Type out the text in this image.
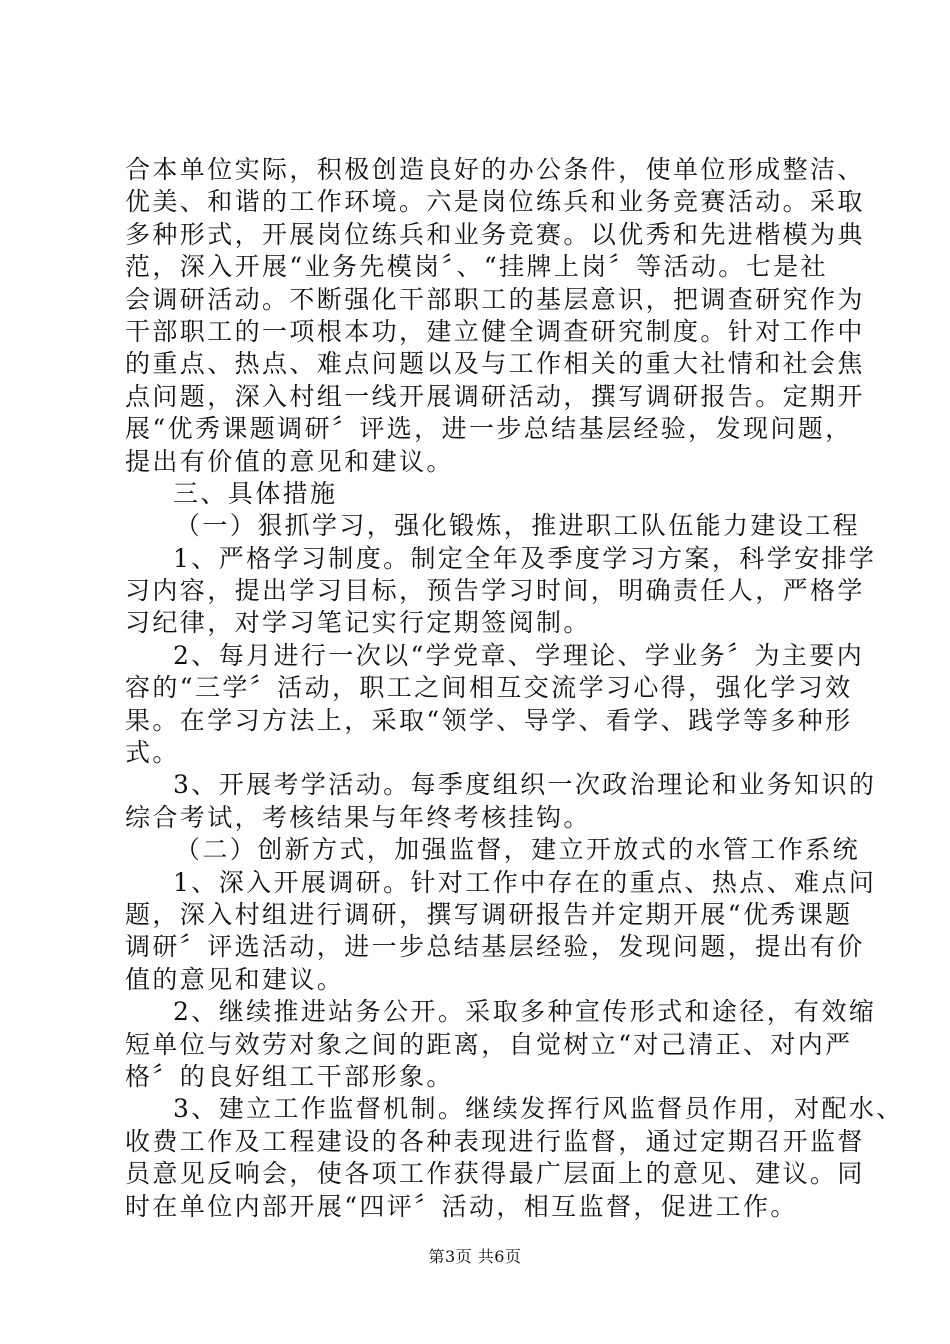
合本单位实际，积极创造良好的办公条件，使单位形成整洁、
优美、和谐的工作环境。六是岗位练兵和业务竞赛活动。采取
多种形式，开展岗位练兵和业务竞赛。以优秀和先进楷模为典
范，深入开展“业务先模岗〞、“挂牌上岗〞等活动。七是社
会调研活动。不断强化干部职工的基层意识，把调查研究作为
干部职工的一项根本功，建立健全调查研究制度。针对工作中
的重点、热点、难点问题以及与工作相关的重大社情和社会焦
点问题，深入村组一线开展调研活动，撰写调研报告。定期开
展“优秀课题调研〞评选，进一步总结基层经验，发现问题，
提出有价值的意见和建议。
三、具体措施
（一）狠抓学习，强化锻炼，推进职工队伍能力建设工程
1、严格学习制度。制定全年及季度学习方案，科学安排学
习内容，提出学习目标，预告学习时间，明确责任人，严格学
习纪律，对学习笔记实行定期签阅制。
2、每月进行一次以“学党章、学理论、学业务〞为主要内
容的“三学〞活动，职工之间相互交流学习心得，强化学习效
果。在学习方法上，采取“领学、导学、看学、践学等多种形
式。
3、开展考学活动。每季度组织一次政治理论和业务知识的
综合考试，考核结果与年终考核挂钩。
（二）创新方式，加强监督，建立开放式的水管工作系统
1、深入开展调研。针对工作中存在的重点、热点、难点问
题，深入村组进行调研，撰写调研报告并定期开展“优秀课题
调研〞评选活动，进一步总结基层经验，发现问题，提出有价
值的意见和建议。
2、继续推进站务公开。采取多种宣传形式和途径，有效缩
短单位与效劳对象之间的距离，自觉树立“对己清正、对内严
格〞的良好组工干部形象。
3、建立工作监督机制。继续发挥行风监督员作用，对配水、
收费工作及工程建设的各种表现进行监督，通过定期召开监督
员意见反响会，使各项工作获得最广层面上的意见、建议。同
时在单位内部开展“四评〞活动，相互监督，促进工作。
第3页 共6页
